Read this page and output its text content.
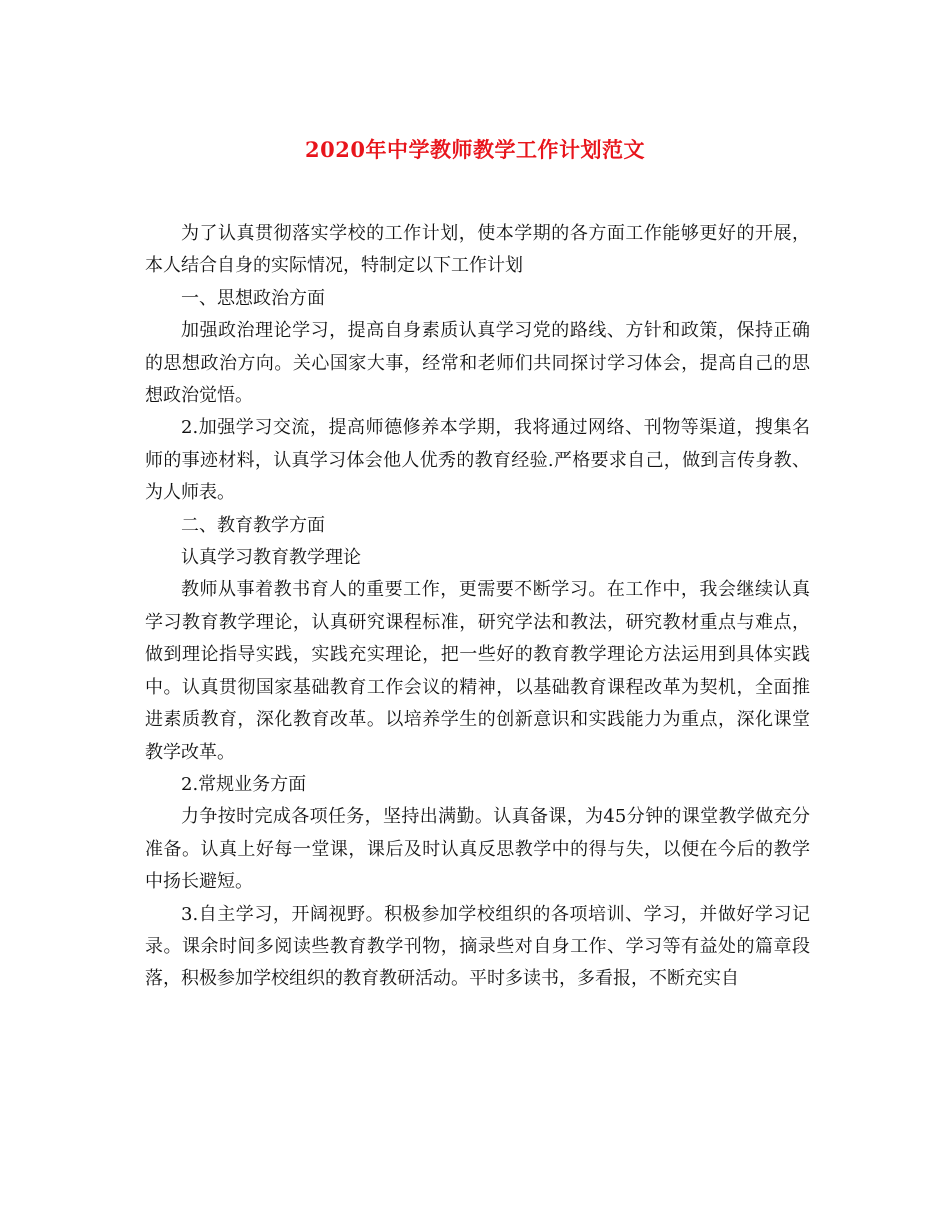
2020年中学教师教学工作计划范文

为了认真贯彻落实学校的工作计划，使本学期的各方面工作能够更好的开展，本人结合自身的实际情况，特制定以下工作计划

一、思想政治方面

加强政治理论学习，提高自身素质认真学习党的路线、方针和政策，保持正确的思想政治方向。关心国家大事，经常和老师们共同探讨学习体会，提高自己的思想政治觉悟。

2.加强学习交流，提高师德修养本学期，我将通过网络、刊物等渠道，搜集名师的事迹材料，认真学习体会他人优秀的教育经验.严格要求自己，做到言传身教、为人师表。

二、教育教学方面

认真学习教育教学理论

教师从事着教书育人的重要工作，更需要不断学习。在工作中，我会继续认真学习教育教学理论，认真研究课程标准，研究学法和教法，研究教材重点与难点，做到理论指导实践，实践充实理论，把一些好的教育教学理论方法运用到具体实践中。认真贯彻国家基础教育工作会议的精神，以基础教育课程改革为契机，全面推进素质教育，深化教育改革。以培养学生的创新意识和实践能力为重点，深化课堂教学改革。

2.常规业务方面

力争按时完成各项任务，坚持出满勤。认真备课，为45分钟的课堂教学做充分准备。认真上好每一堂课，课后及时认真反思教学中的得与失，以便在今后的教学中扬长避短。

3.自主学习，开阔视野。积极参加学校组织的各项培训、学习，并做好学习记录。课余时间多阅读些教育教学刊物，摘录些对自身工作、学习等有益处的篇章段落，积极参加学校组织的教育教研活动。平时多读书，多看报，不断充实自
